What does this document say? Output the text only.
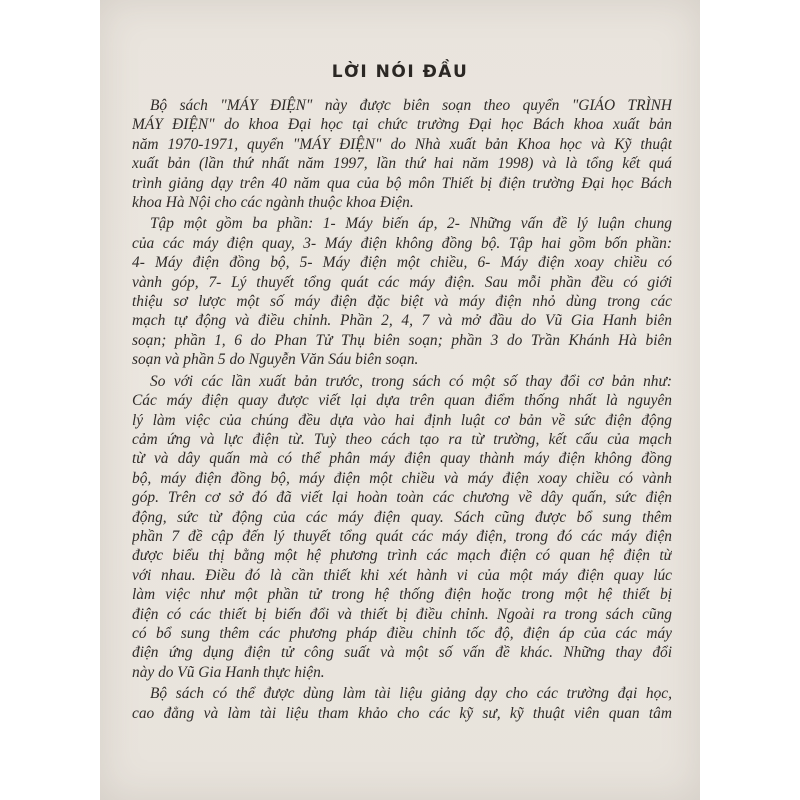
LỜI NÓI ĐẦU
Bộ sách "MÁY ĐIỆN" này được biên soạn theo quyển "GIÁO TRÌNH
MÁY ĐIỆN" do khoa Đại học tại chức trường Đại học Bách khoa xuất bản
năm 1970-1971, quyển "MÁY ĐIỆN" do Nhà xuất bản Khoa học và Kỹ thuật
xuất bản (lần thứ nhất năm 1997, lần thứ hai năm 1998) và là tổng kết quá
trình giảng dạy trên 40 năm qua của bộ môn Thiết bị điện trường Đại học Bách
khoa Hà Nội cho các ngành thuộc khoa Điện.
Tập một gồm ba phần: 1- Máy biến áp, 2- Những vấn đề lý luận chung
của các máy điện quay, 3- Máy điện không đồng bộ. Tập hai gồm bốn phần:
4- Máy điện đồng bộ, 5- Máy điện một chiều, 6- Máy điện xoay chiều có
vành góp, 7- Lý thuyết tổng quát các máy điện. Sau mỗi phần đều có giới
thiệu sơ lược một số máy điện đặc biệt và máy điện nhỏ dùng trong các
mạch tự động và điều chỉnh. Phần 2, 4, 7 và mở đầu do Vũ Gia Hanh biên
soạn; phần 1, 6 do Phan Tử Thụ biên soạn; phần 3 do Trần Khánh Hà biên
soạn và phần 5 do Nguyễn Văn Sáu biên soạn.
So với các lần xuất bản trước, trong sách có một số thay đổi cơ bản như:
Các máy điện quay được viết lại dựa trên quan điểm thống nhất là nguyên
lý làm việc của chúng đều dựa vào hai định luật cơ bản về sức điện động
cảm ứng và lực điện từ. Tuỳ theo cách tạo ra từ trường, kết cấu của mạch
từ và dây quấn mà có thể phân máy điện quay thành máy điện không đồng
bộ, máy điện đồng bộ, máy điện một chiều và máy điện xoay chiều có vành
góp. Trên cơ sở đó đã viết lại hoàn toàn các chương về dây quấn, sức điện
động, sức từ động của các máy điện quay. Sách cũng được bổ sung thêm
phần 7 đề cập đến lý thuyết tổng quát các máy điện, trong đó các máy điện
được biểu thị bằng một hệ phương trình các mạch điện có quan hệ điện từ
với nhau. Điều đó là cần thiết khi xét hành vi của một máy điện quay lúc
làm việc như một phần tử trong hệ thống điện hoặc trong một hệ thiết bị
điện có các thiết bị biến đổi và thiết bị điều chỉnh. Ngoài ra trong sách cũng
có bổ sung thêm các phương pháp điều chỉnh tốc độ, điện áp của các máy
điện ứng dụng điện tử công suất và một số vấn đề khác. Những thay đổi
này do Vũ Gia Hanh thực hiện.
Bộ sách có thể được dùng làm tài liệu giảng dạy cho các trường đại học,
cao đẳng và làm tài liệu tham khảo cho các kỹ sư, kỹ thuật viên quan tâm
